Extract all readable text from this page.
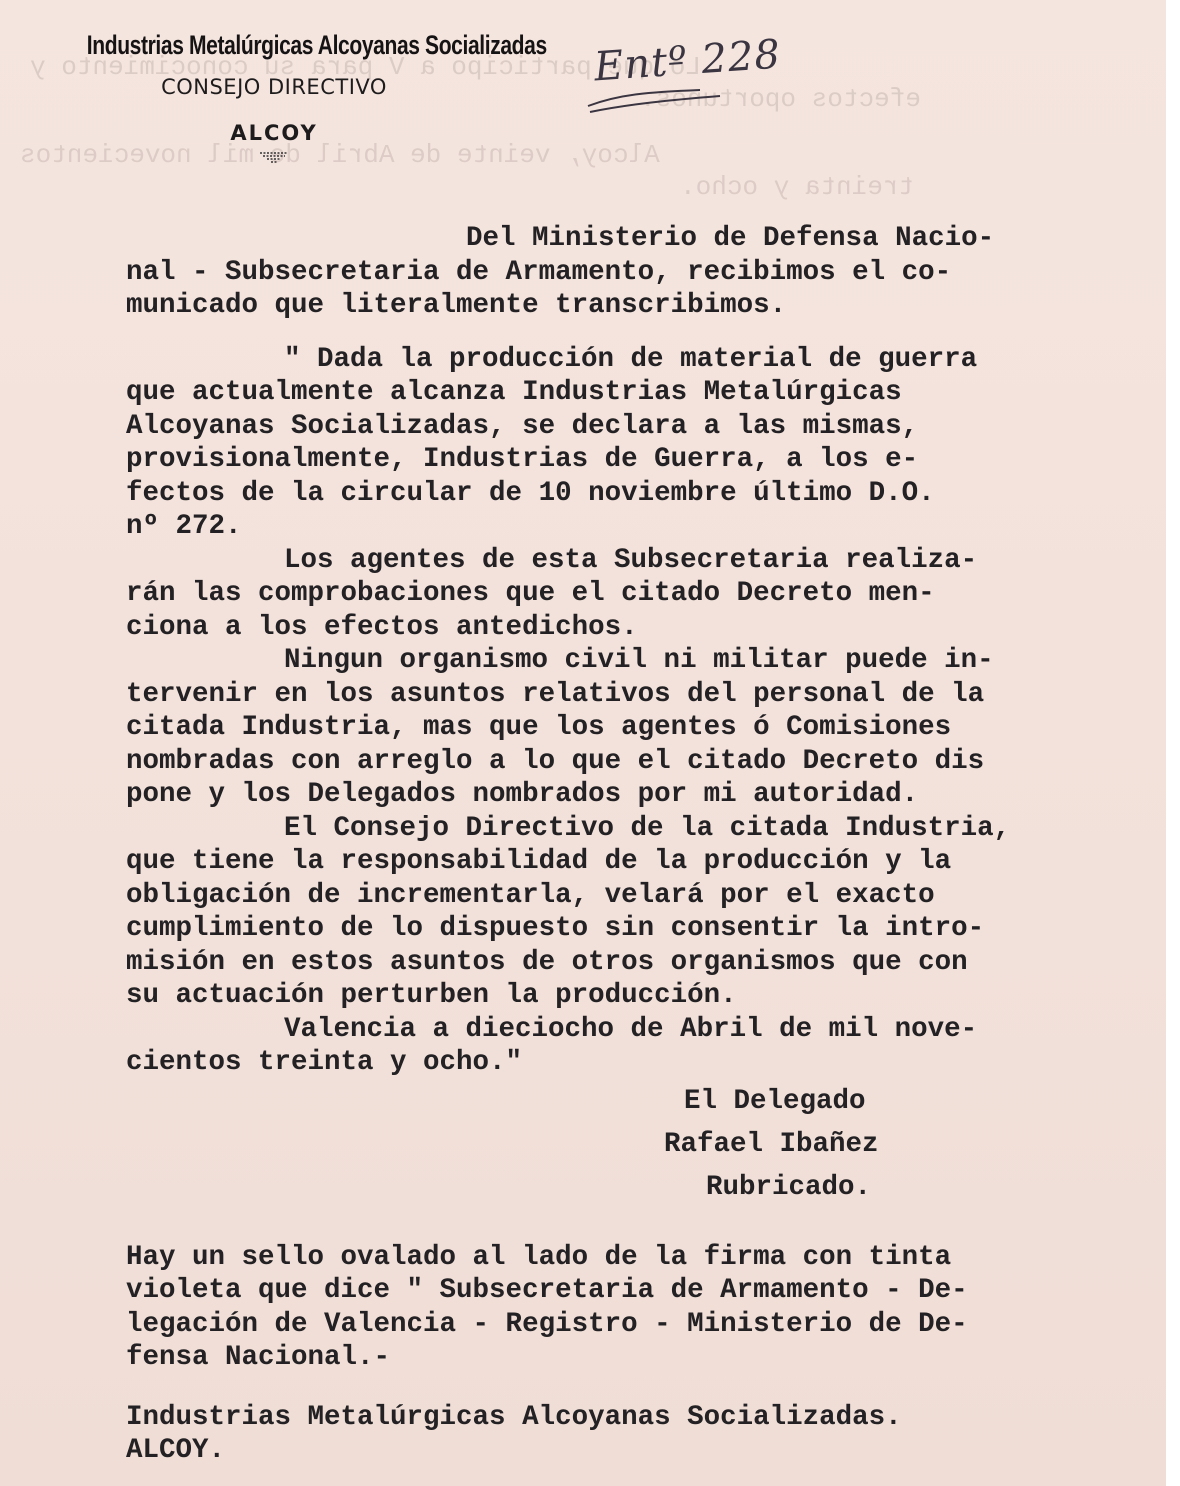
Lo que participo a V para su conocimiento y
efectos oportunos.
Alcoy, veinte de Abril de mil novecientos
treinta y ocho.
Industrias Metalúrgicas Alcoyanas Socializadas
CONSEJO DIRECTIVO
ALCOY
Entº 228
Del Ministerio de Defensa Nacio-
nal - Subsecretaria de Armamento, recibimos el co-
municado que literalmente transcribimos.
" Dada la producción de material de guerra
que actualmente alcanza Industrias Metalúrgicas
Alcoyanas Socializadas, se declara a las mismas,
provisionalmente, Industrias de Guerra, a los e-
fectos de la circular de 10 noviembre último D.O.
nº 272.
Los agentes de esta Subsecretaria realiza-
rán las comprobaciones que el citado Decreto men-
ciona a los efectos antedichos.
Ningun organismo civil ni militar puede in-
tervenir en los asuntos relativos del personal de la
citada Industria, mas que los agentes ó Comisiones
nombradas con arreglo a lo que el citado Decreto dis
pone y los Delegados nombrados por mi autoridad.
El Consejo Directivo de la citada Industria,
que tiene la responsabilidad de la producción y la
obligación de incrementarla, velará por el exacto
cumplimiento de lo dispuesto sin consentir la intro-
misión en estos asuntos de otros organismos que con
su actuación perturben la producción.
Valencia a dieciocho de Abril de mil nove-
cientos treinta y ocho."
El Delegado
Rafael Ibañez
Rubricado.
Hay un sello ovalado al lado de la firma con tinta
violeta que dice " Subsecretaria de Armamento - De-
legación de Valencia - Registro - Ministerio de De-
fensa Nacional.-
Industrias Metalúrgicas Alcoyanas Socializadas.
ALCOY.
